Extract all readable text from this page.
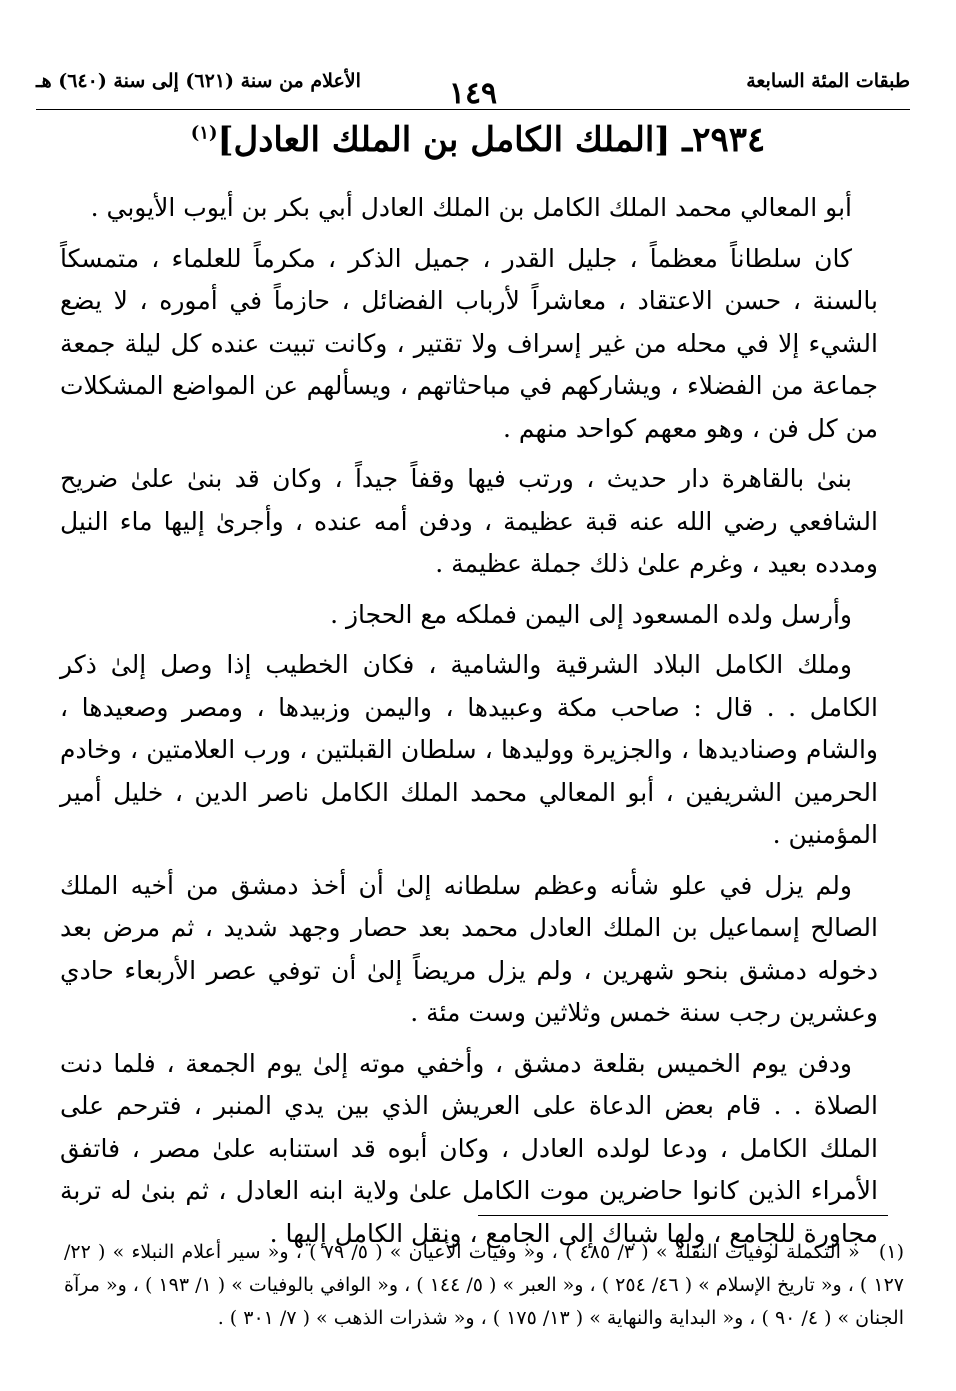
طبقات المئة السابعة
١٤٩
الأعلام من سنة (٦٢١) إلى سنة (٦٤٠) هـ
٢٩٣٤ـ [الملك الكامل بن الملك العادل]$^{(١)}$

أبو المعالي محمد الملك الكامل بن الملك العادل أبي بكر بن أيوب الأيوبي .

كان سلطاناً معظماً ، جليل القدر ، جميل الذكر ، مكرماً للعلماء ، متمسكاً بالسنة ، حسن الاعتقاد ، معاشراً لأرباب الفضائل ، حازماً في أموره ، لا يضع الشيء إلا في محله من غير إسراف ولا تقتير ، وكانت تبيت عنده كل ليلة جمعة جماعة من الفضلاء ، ويشاركهم في مباحثاتهم ، ويسألهم عن المواضع المشكلات من كل فن ، وهو معهم كواحد منهم .

بنىٰ بالقاهرة دار حديث ، ورتب فيها وقفاً جيداً ، وكان قد بنىٰ علىٰ ضريح الشافعي رضي الله عنه قبة عظيمة ، ودفن أمه عنده ، وأجرىٰ إليها ماء النيل ومدده بعيد ، وغرم علىٰ ذلك جملة عظيمة .

وأرسل ولده المسعود إلى اليمن فملكه مع الحجاز .

وملك الكامل البلاد الشرقية والشامية ، فكان الخطيب إذا وصل إلىٰ ذكر الكامل . . قال : صاحب مكة وعبيدها ، واليمن وزبيدها ، ومصر وصعيدها ، والشام وصناديدها ، والجزيرة ووليدها ، سلطان القبلتين ، ورب العلامتين ، وخادم الحرمين الشريفين ، أبو المعالي محمد الملك الكامل ناصر الدين ، خليل أمير المؤمنين .

ولم يزل في علو شأنه وعظم سلطانه إلىٰ أن أخذ دمشق من أخيه الملك الصالح إسماعيل بن الملك العادل محمد بعد حصار وجهد شديد ، ثم مرض بعد دخوله دمشق بنحو شهرين ، ولم يزل مريضاً إلىٰ أن توفي عصر الأربعاء حادي وعشرين رجب سنة خمس وثلاثين وست مئة .

ودفن يوم الخميس بقلعة دمشق ، وأخفي موته إلىٰ يوم الجمعة ، فلما دنت الصلاة . . قام بعض الدعاة على العريش الذي بين يدي المنبر ، فترحم على الملك الكامل ، ودعا لولده العادل ، وكان أبوه قد استنابه علىٰ مصر ، فاتفق الأمراء الذين كانوا حاضرين موت الكامل علىٰ ولاية ابنه العادل ، ثم بنىٰ له تربة مجاورة للجامع ، ولها شباك إلى الجامع ، ونقل الكامل إليها .

(١) « التكملة لوفيات النقلة » ( ٣/ ٤٨٥ ) ، و« وفيات الأعيان » ( ٥/ ٧٩ ) ، و« سير أعلام النبلاء » ( ٢٢/ ١٢٧ ) ، و« تاريخ الإسلام » ( ٤٦/ ٢٥٤ ) ، و« العبر » ( ٥/ ١٤٤ ) ، و« الوافي بالوفيات » ( ١/ ١٩٣ ) ، و« مرآة الجنان » ( ٤/ ٩٠ ) ، و« البداية والنهاية » ( ١٣/ ١٧٥ ) ، و« شذرات الذهب » ( ٧/ ٣٠١ ) .
